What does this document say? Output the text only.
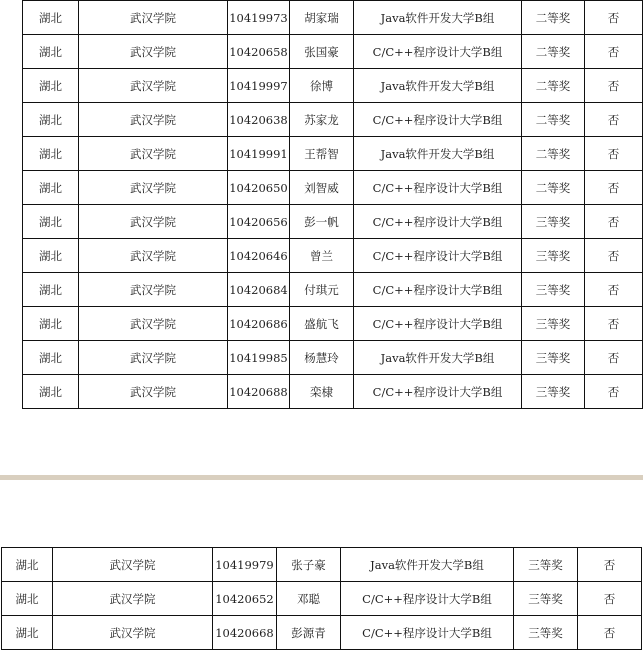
湖北	武汉学院	10419973	胡家瑞	Java软件开发大学B组	二等奖	否
湖北	武汉学院	10420658	张国豪	C/C++程序设计大学B组	二等奖	否
湖北	武汉学院	10419997	徐博	Java软件开发大学B组	二等奖	否
湖北	武汉学院	10420638	苏家龙	C/C++程序设计大学B组	二等奖	否
湖北	武汉学院	10419991	王帮智	Java软件开发大学B组	二等奖	否
湖北	武汉学院	10420650	刘智威	C/C++程序设计大学B组	二等奖	否
湖北	武汉学院	10420656	彭一帆	C/C++程序设计大学B组	三等奖	否
湖北	武汉学院	10420646	曾兰	C/C++程序设计大学B组	三等奖	否
湖北	武汉学院	10420684	付琪元	C/C++程序设计大学B组	三等奖	否
湖北	武汉学院	10420686	盛航飞	C/C++程序设计大学B组	三等奖	否
湖北	武汉学院	10419985	杨慧玲	Java软件开发大学B组	三等奖	否
湖北	武汉学院	10420688	栾棣	C/C++程序设计大学B组	三等奖	否
湖北	武汉学院	10419979	张子豪	Java软件开发大学B组	三等奖	否
湖北	武汉学院	10420652	邓聪	C/C++程序设计大学B组	三等奖	否
湖北	武汉学院	10420668	彭源青	C/C++程序设计大学B组	三等奖	否
